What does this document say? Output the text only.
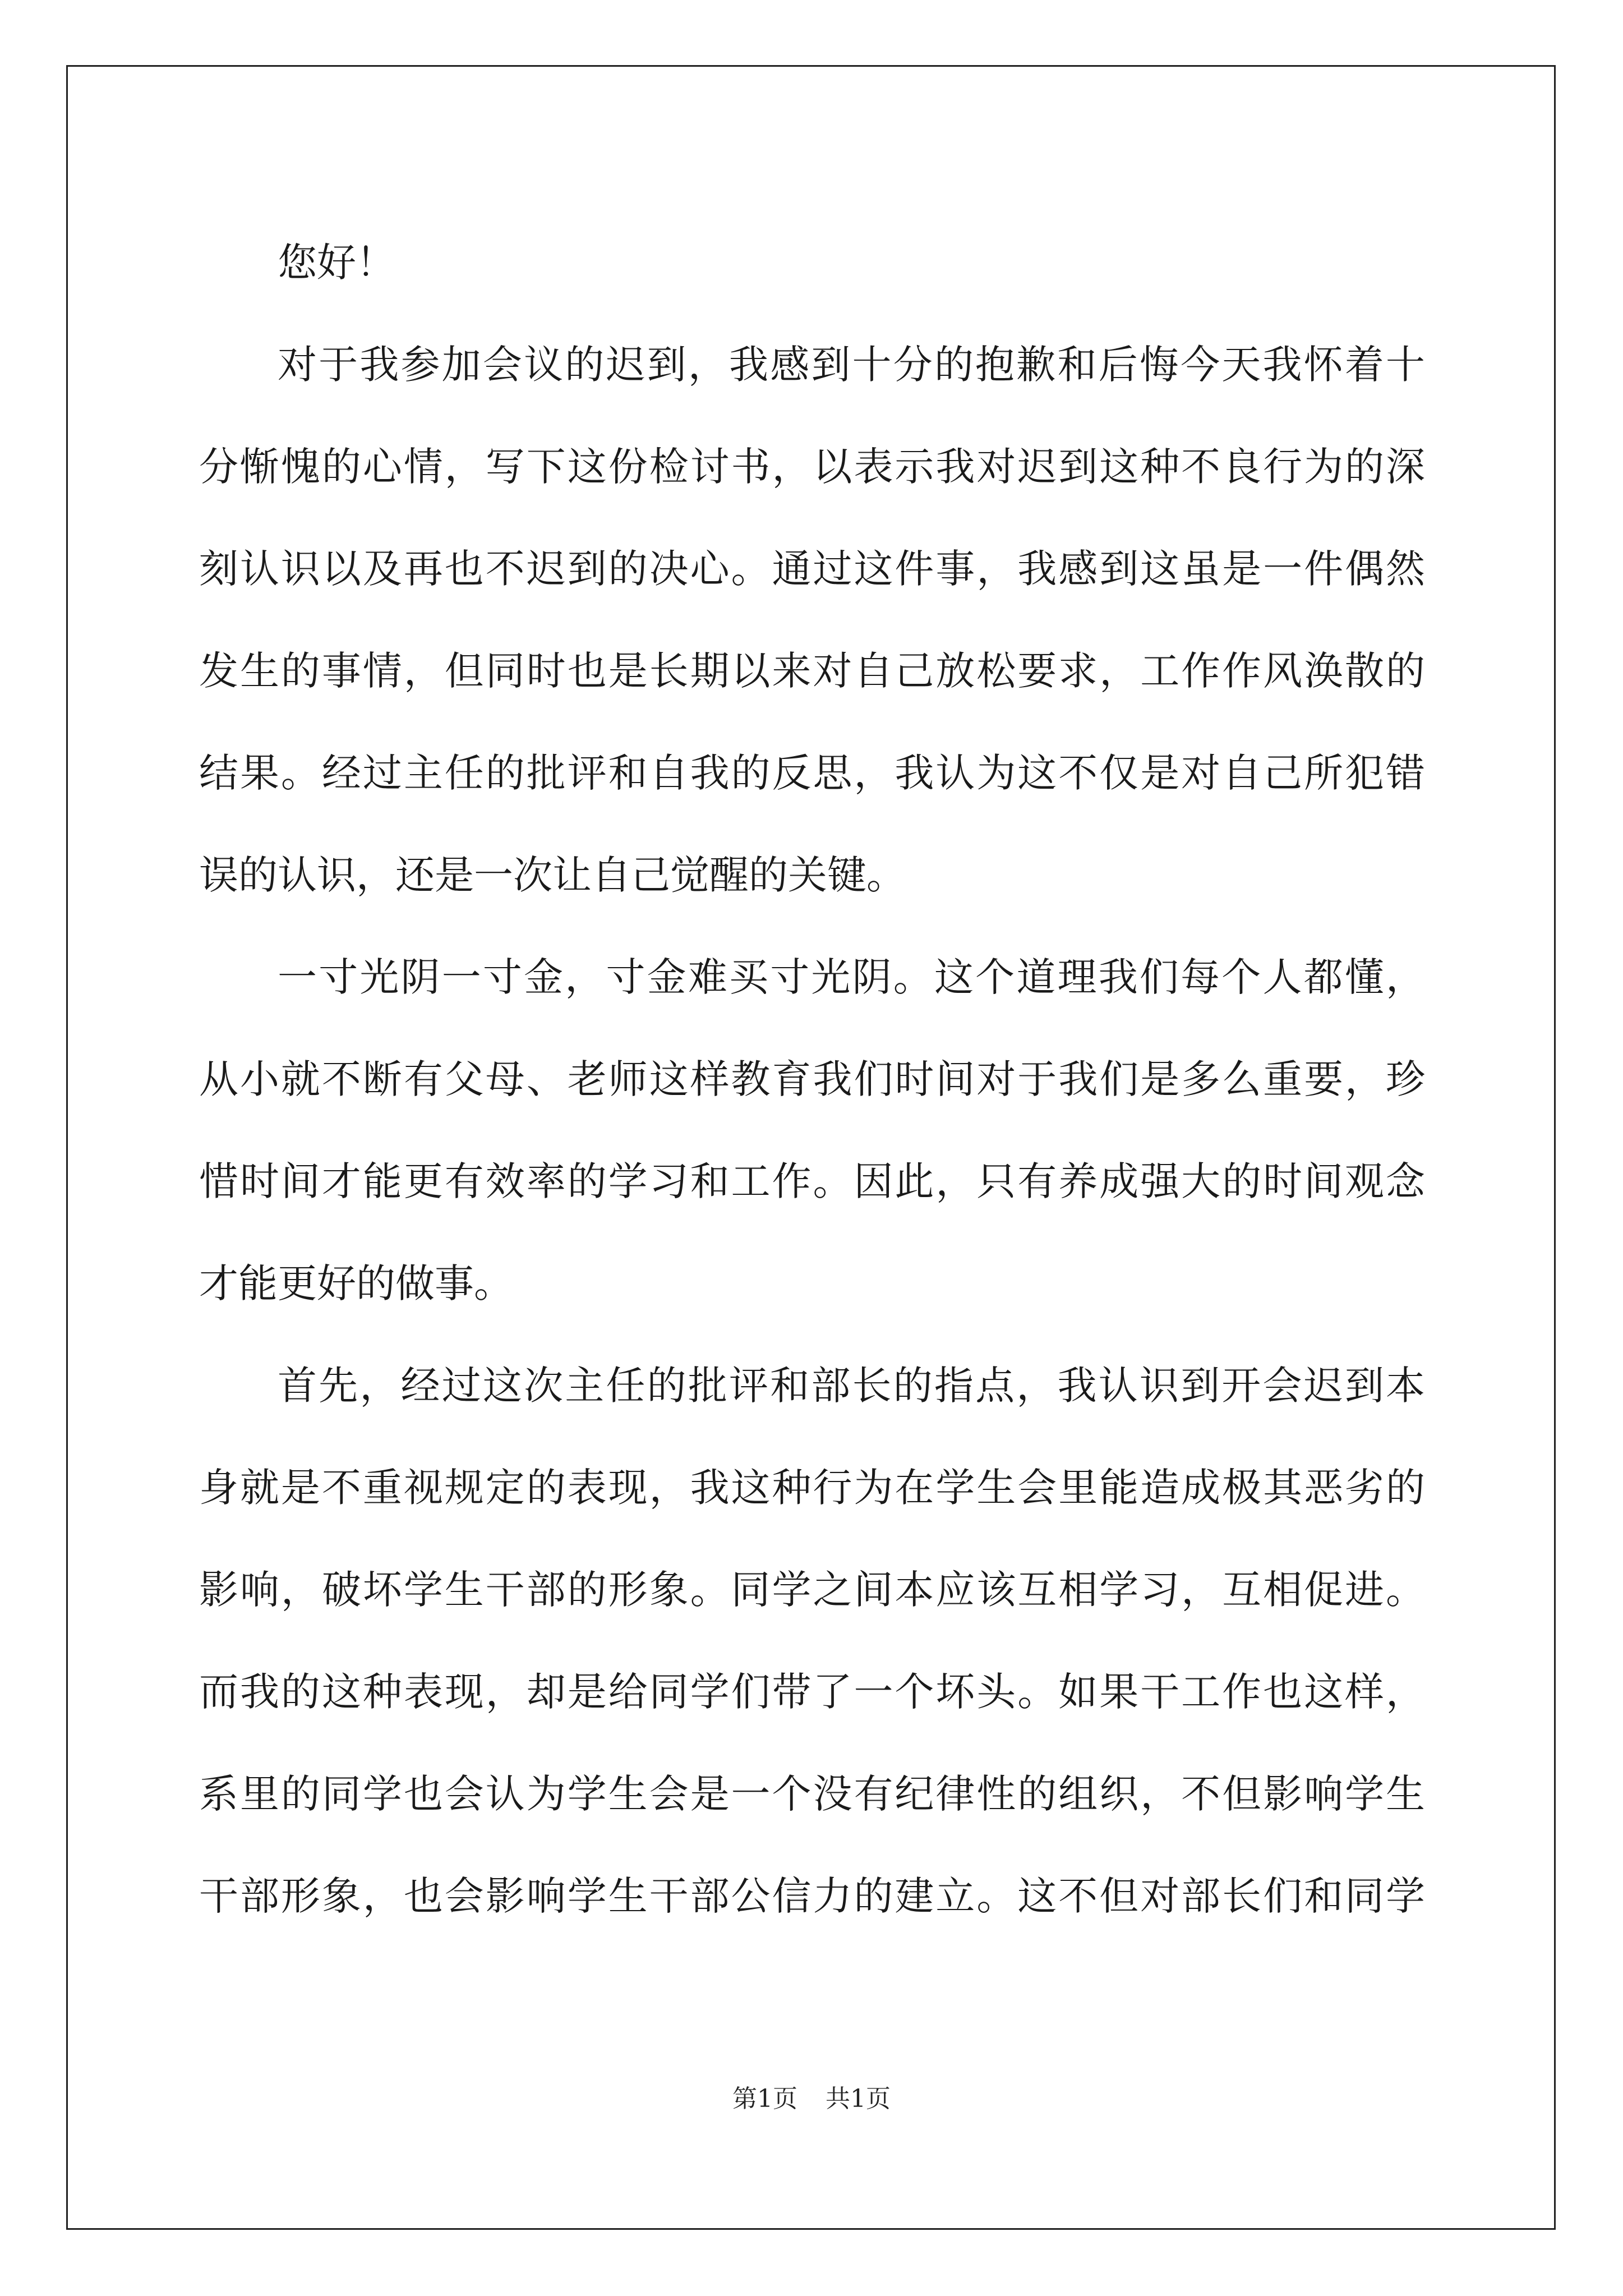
您好！
对于我参加会议的迟到，我感到十分的抱歉和后悔今天我怀着十
分惭愧的心情，写下这份检讨书，以表示我对迟到这种不良行为的深
刻认识以及再也不迟到的决心。通过这件事，我感到这虽是一件偶然
发生的事情，但同时也是长期以来对自己放松要求，工作作风涣散的
结果。经过主任的批评和自我的反思，我认为这不仅是对自己所犯错
误的认识，还是一次让自己觉醒的关键。
一寸光阴一寸金，寸金难买寸光阴。这个道理我们每个人都懂，
从小就不断有父母、老师这样教育我们时间对于我们是多么重要，珍
惜时间才能更有效率的学习和工作。因此，只有养成强大的时间观念
才能更好的做事。
首先，经过这次主任的批评和部长的指点，我认识到开会迟到本
身就是不重视规定的表现，我这种行为在学生会里能造成极其恶劣的
影响，破坏学生干部的形象。同学之间本应该互相学习，互相促进。
而我的这种表现，却是给同学们带了一个坏头。如果干工作也这样，
系里的同学也会认为学生会是一个没有纪律性的组织，不但影响学生
干部形象，也会影响学生干部公信力的建立。这不但对部长们和同学
第1页 共1页
